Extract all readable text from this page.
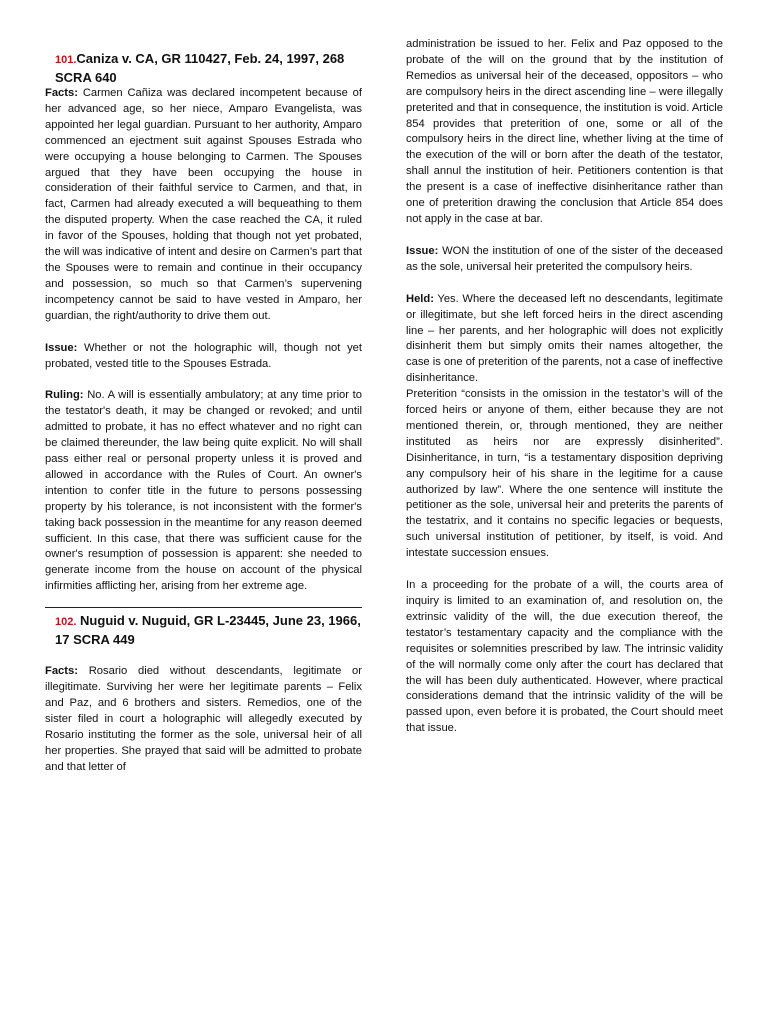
101.Caniza v. CA, GR 110427, Feb. 24, 1997, 268 SCRA 640

Facts: Carmen Cañiza was declared incompetent because of her advanced age, so her niece, Amparo Evangelista, was appointed her legal guardian. Pursuant to her authority, Amparo commenced an ejectment suit against Spouses Estrada who were occupying a house belonging to Carmen. The Spouses argued that they have been occupying the house in consideration of their faithful service to Carmen, and that, in fact, Carmen had already executed a will bequeathing to them the disputed property. When the case reached the CA, it ruled in favor of the Spouses, holding that though not yet probated, the will was indicative of intent and desire on Carmen’s part that the Spouses were to remain and continue in their occupancy and possession, so much so that Carmen’s supervening incompetency cannot be said to have vested in Amparo, her guardian, the right/authority to drive them out.

Issue: Whether or not the holographic will, though not yet probated, vested title to the Spouses Estrada.

Ruling: No. A will is essentially ambulatory; at any time prior to the testator's death, it may be changed or revoked; and until admitted to probate, it has no effect whatever and no right can be claimed thereunder, the law being quite explicit. No will shall pass either real or personal property unless it is proved and allowed in accordance with the Rules of Court. An owner's intention to confer title in the future to persons possessing property by his tolerance, is not inconsistent with the former's taking back possession in the meantime for any reason deemed sufficient. In this case, that there was sufficient cause for the owner's resumption of possession is apparent: she needed to generate income from the house on account of the physical infirmities afflicting her, arising from her extreme age.

102. Nuguid v. Nuguid, GR L-23445, June 23, 1966, 17 SCRA 449

Facts: Rosario died without descendants, legitimate or illegitimate. Surviving her were her legitimate parents – Felix and Paz, and 6 brothers and sisters. Remedios, one of the sister filed in court a holographic will allegedly executed by Rosario instituting the former as the sole, universal heir of all her properties. She prayed that said will be admitted to probate and that letter of

administration be issued to her. Felix and Paz opposed to the probate of the will on the ground that by the institution of Remedios as universal heir of the deceased, oppositors – who are compulsory heirs in the direct ascending line – were illegally preterited and that in consequence, the institution is void. Article 854 provides that preterition of one, some or all of the compulsory heirs in the direct line, whether living at the time of the execution of the will or born after the death of the testator, shall annul the institution of heir. Petitioners contention is that the present is a case of ineffective disinheritance rather than one of preterition drawing the conclusion that Article 854 does not apply in the case at bar.

Issue: WON the institution of one of the sister of the deceased as the sole, universal heir preterited the compulsory heirs.

Held: Yes. Where the deceased left no descendants, legitimate or illegitimate, but she left forced heirs in the direct ascending line – her parents, and her holographic will does not explicitly disinherit them but simply omits their names altogether, the case is one of preterition of the parents, not a case of ineffective disinheritance.

Preterition “consists in the omission in the testator’s will of the forced heirs or anyone of them, either because they are not mentioned therein, or, through mentioned, they are neither instituted as heirs nor are expressly disinherited”. Disinheritance, in turn, “is a testamentary disposition depriving any compulsory heir of his share in the legitime for a cause authorized by law”. Where the one sentence will institute the petitioner as the sole, universal heir and preterits the parents of the testatrix, and it contains no specific legacies or bequests, such universal institution of petitioner, by itself, is void. And intestate succession ensues.

In a proceeding for the probate of a will, the courts area of inquiry is limited to an examination of, and resolution on, the extrinsic validity of the will, the due execution thereof, the testator’s testamentary capacity and the compliance with the requisites or solemnities prescribed by law. The intrinsic validity of the will normally come only after the court has declared that the will has been duly authenticated. However, where practical considerations demand that the intrinsic validity of the will be passed upon, even before it is probated, the Court should meet that issue.
